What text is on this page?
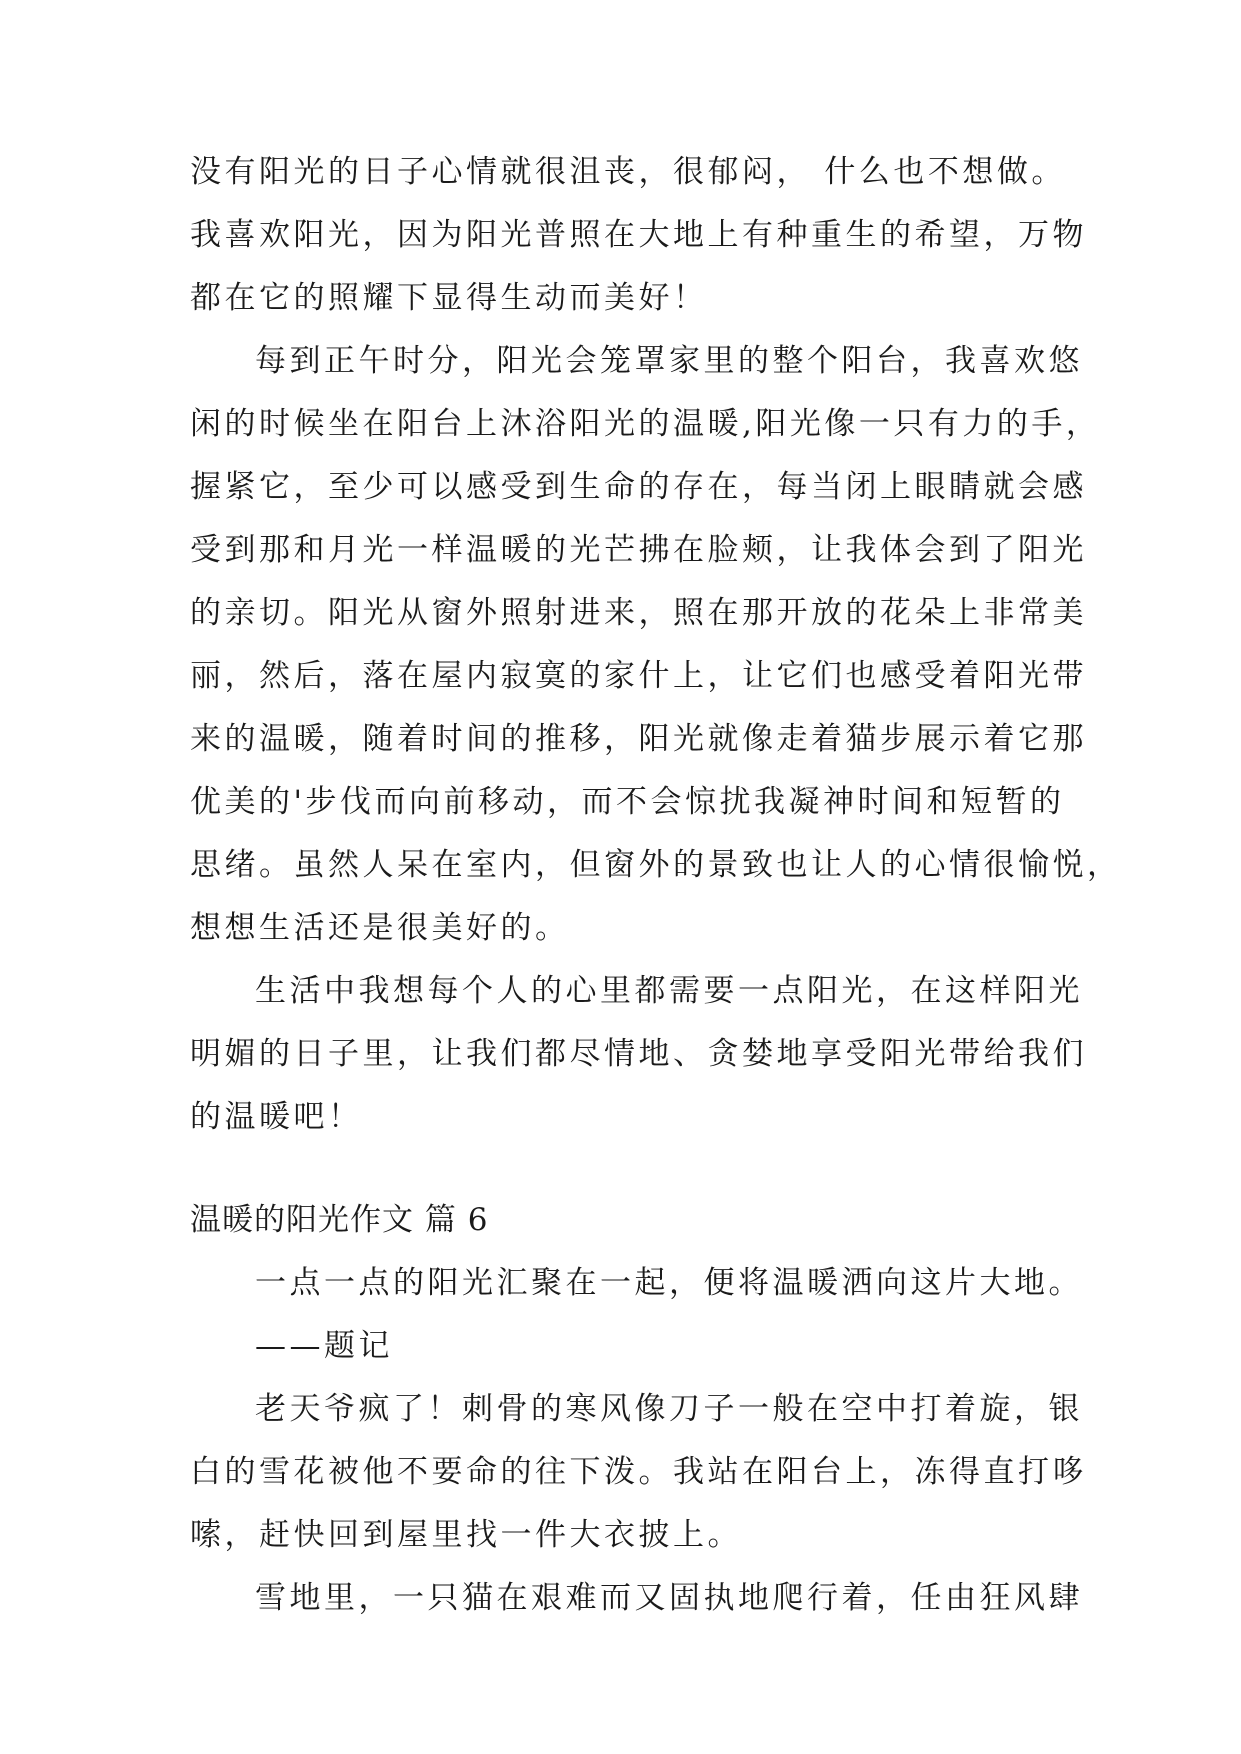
没有阳光的日子心情就很沮丧，很郁闷， 什么也不想做。
我喜欢阳光，因为阳光普照在大地上有种重生的希望，万物
都在它的照耀下显得生动而美好！
每到正午时分，阳光会笼罩家里的整个阳台，我喜欢悠
闲的时候坐在阳台上沐浴阳光的温暖,阳光像一只有力的手，
握紧它，至少可以感受到生命的存在，每当闭上眼睛就会感
受到那和月光一样温暖的光芒拂在脸颊，让我体会到了阳光
的亲切。阳光从窗外照射进来，照在那开放的花朵上非常美
丽，然后，落在屋内寂寞的家什上，让它们也感受着阳光带
来的温暖，随着时间的推移，阳光就像走着猫步展示着它那
优美的'步伐而向前移动，而不会惊扰我凝神时间和短暂的
思绪。虽然人呆在室内，但窗外的景致也让人的心情很愉悦，
想想生活还是很美好的。
生活中我想每个人的心里都需要一点阳光，在这样阳光
明媚的日子里，让我们都尽情地、贪婪地享受阳光带给我们
的温暖吧！
温暖的阳光作文 篇 6
一点一点的阳光汇聚在一起，便将温暖洒向这片大地。
——题记
老天爷疯了！刺骨的寒风像刀子一般在空中打着旋，银
白的雪花被他不要命的往下泼。我站在阳台上，冻得直打哆
嗦，赶快回到屋里找一件大衣披上。
雪地里，一只猫在艰难而又固执地爬行着，任由狂风肆
